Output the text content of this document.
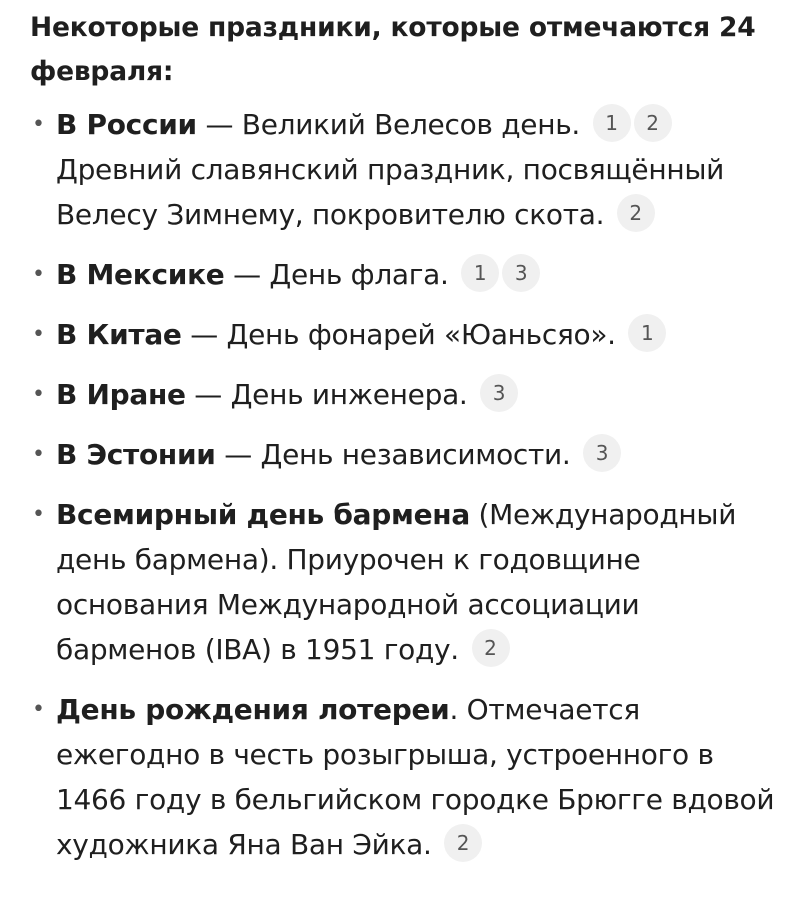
Некоторые праздники, которые отмечаются 24 февраля:
• В России — Великий Велесов день. 1 2 Древний славянский праздник, посвящённый Велесу Зимнему, покровителю скота. 2
• В Мексике — День флага. 1 3
• В Китае — День фонарей «Юаньсяо». 1
• В Иране — День инженера. 3
• В Эстонии — День независимости. 3
• Всемирный день бармена (Международный день бармена). Приурочен к годовщине основания Международной ассоциации барменов (IBA) в 1951 году. 2
• День рождения лотереи. Отмечается ежегодно в честь розыгрыша, устроенного в 1466 году в бельгийском городке Брюгге вдовой художника Яна Ван Эйка. 2
